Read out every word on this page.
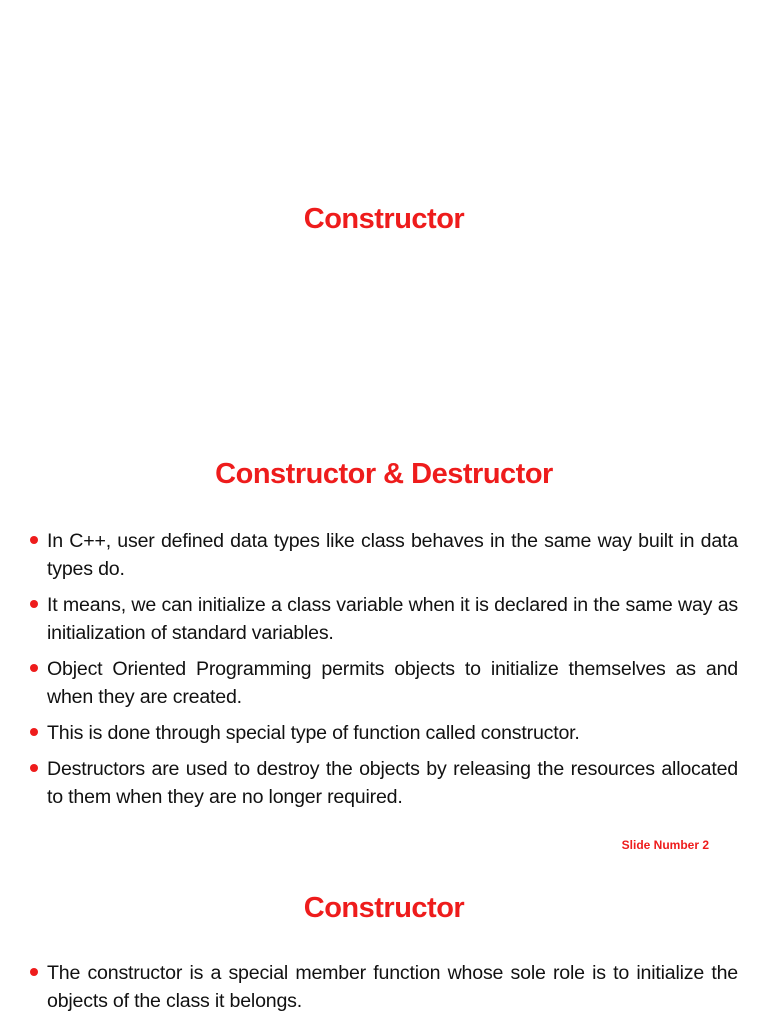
Constructor
Constructor & Destructor
In C++, user defined data types like class behaves in the same way built in data types do.
It means, we can initialize a class variable when it is declared in the same way as initialization of standard variables.
Object Oriented Programming permits objects to initialize themselves as and when they are created.
This is done through special type of function called constructor.
Destructors are used to destroy the objects by releasing the resources allocated to them when they are no longer required.
Slide Number 2
Constructor
The constructor is a special member function whose sole role is to initialize the objects of the class it belongs.
